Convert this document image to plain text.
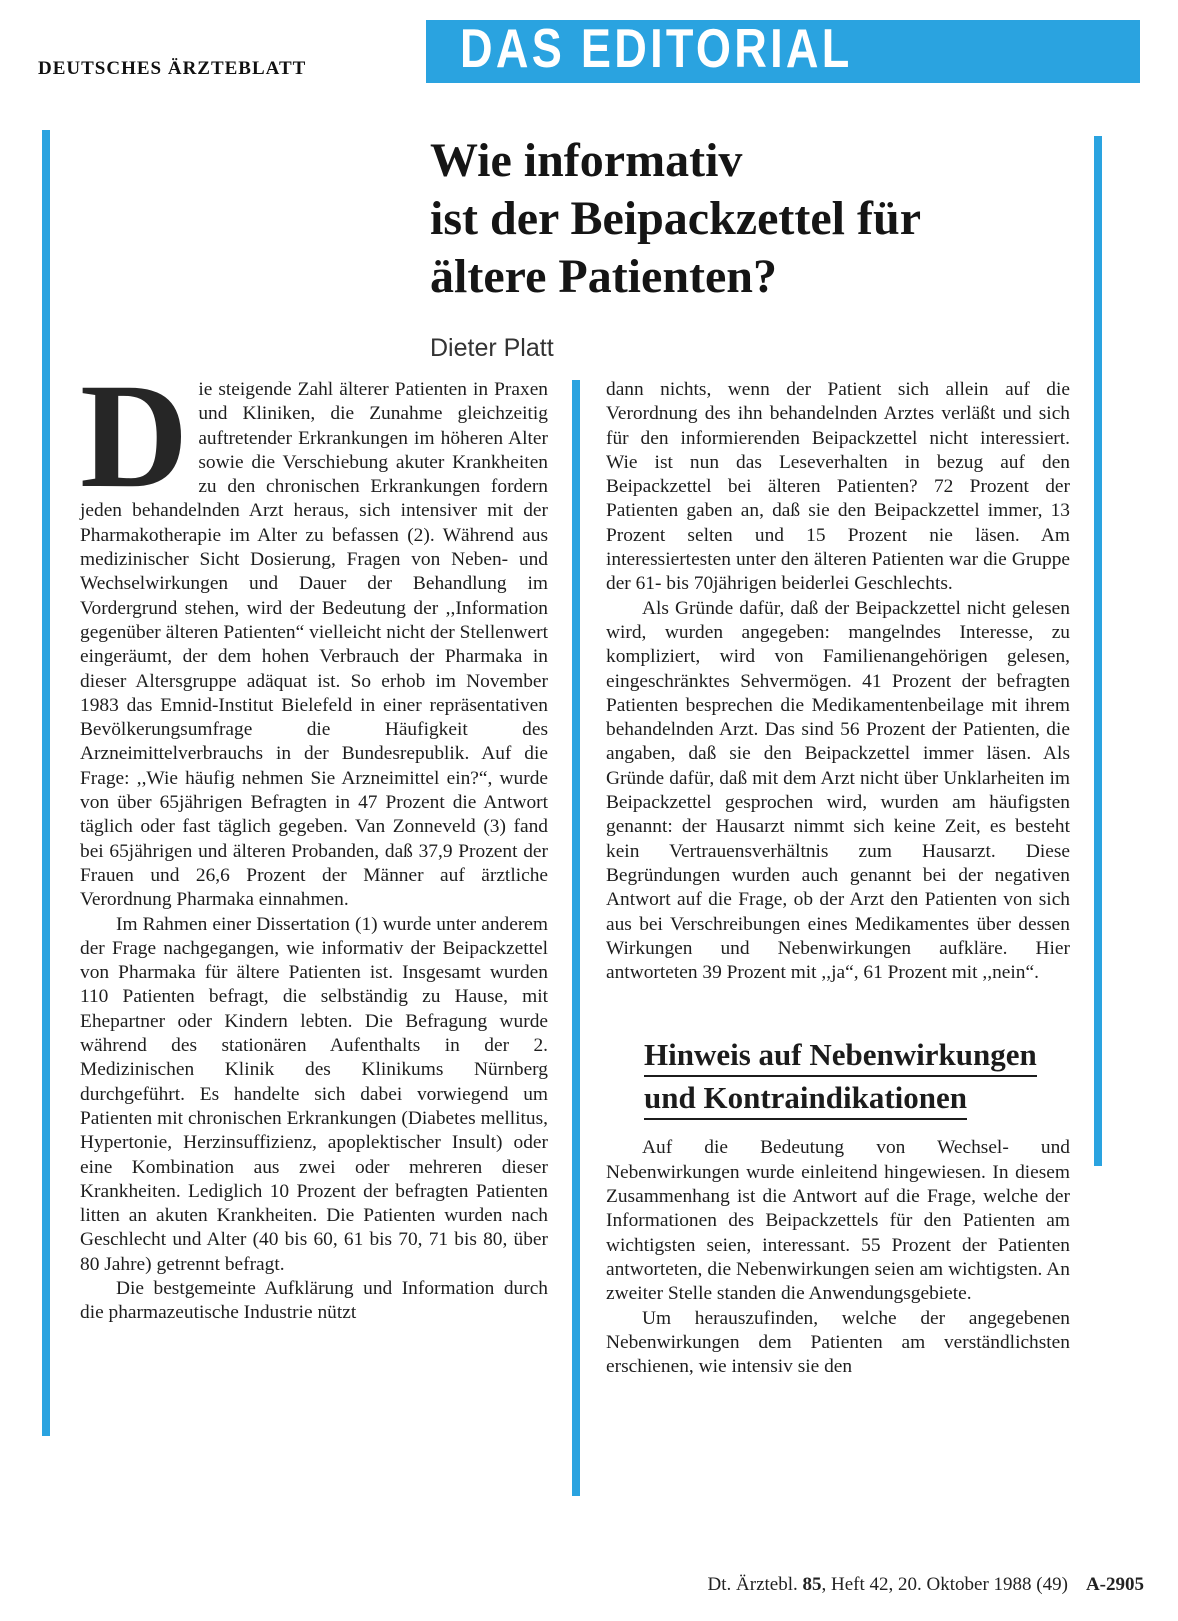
DEUTSCHES ÄRZTEBLATT	DAS EDITORIAL
Wie informativ
ist der Beipackzettel für
ältere Patienten?
Dieter Platt

Die steigende Zahl älterer Patienten in Praxen und Kliniken, die Zunahme gleichzeitig auftretender Erkrankungen im höheren Alter sowie die Verschiebung akuter Krankheiten zu den chronischen Erkrankungen fordern jeden behandelnden Arzt heraus, sich intensiver mit der Pharmakotherapie im Alter zu befassen (2). Während aus medizinischer Sicht Dosierung, Fragen von Neben- und Wechselwirkungen und Dauer der Behandlung im Vordergrund stehen, wird der Bedeutung der ,,Information gegenüber älteren Patienten“ vielleicht nicht der Stellenwert eingeräumt, der dem hohen Verbrauch der Pharmaka in dieser Altersgruppe adäquat ist. So erhob im November 1983 das Emnid-Institut Bielefeld in einer repräsentativen Bevölkerungsumfrage die Häufigkeit des Arzneimittelverbrauchs in der Bundesrepublik. Auf die Frage: ,,Wie häufig nehmen Sie Arzneimittel ein?“, wurde von über 65jährigen Befragten in 47 Prozent die Antwort täglich oder fast täglich gegeben. Van Zonneveld (3) fand bei 65jährigen und älteren Probanden, daß 37,9 Prozent der Frauen und 26,6 Prozent der Männer auf ärztliche Verordnung Pharmaka einnahmen.

Im Rahmen einer Dissertation (1) wurde unter anderem der Frage nachgegangen, wie informativ der Beipackzettel von Pharmaka für ältere Patienten ist. Insgesamt wurden 110 Patienten befragt, die selbständig zu Hause, mit Ehepartner oder Kindern lebten. Die Befragung wurde während des stationären Aufenthalts in der 2. Medizinischen Klinik des Klinikums Nürnberg durchgeführt. Es handelte sich dabei vorwiegend um Patienten mit chronischen Erkrankungen (Diabetes mellitus, Hypertonie, Herzinsuffizienz, apoplektischer Insult) oder eine Kombination aus zwei oder mehreren dieser Krankheiten. Lediglich 10 Prozent der befragten Patienten litten an akuten Krankheiten. Die Patienten wurden nach Geschlecht und Alter (40 bis 60, 61 bis 70, 71 bis 80, über 80 Jahre) getrennt befragt.

Die bestgemeinte Aufklärung und Information durch die pharmazeutische Industrie nützt

dann nichts, wenn der Patient sich allein auf die Verordnung des ihn behandelnden Arztes verläßt und sich für den informierenden Beipackzettel nicht interessiert. Wie ist nun das Leseverhalten in bezug auf den Beipackzettel bei älteren Patienten? 72 Prozent der Patienten gaben an, daß sie den Beipackzettel immer, 13 Prozent selten und 15 Prozent nie läsen. Am interessiertesten unter den älteren Patienten war die Gruppe der 61- bis 70jährigen beiderlei Geschlechts.

Als Gründe dafür, daß der Beipackzettel nicht gelesen wird, wurden angegeben: mangelndes Interesse, zu kompliziert, wird von Familienangehörigen gelesen, eingeschränktes Sehvermögen. 41 Prozent der befragten Patienten besprechen die Medikamentenbeilage mit ihrem behandelnden Arzt. Das sind 56 Prozent der Patienten, die angaben, daß sie den Beipackzettel immer läsen. Als Gründe dafür, daß mit dem Arzt nicht über Unklarheiten im Beipackzettel gesprochen wird, wurden am häufigsten genannt: der Hausarzt nimmt sich keine Zeit, es besteht kein Vertrauensverhältnis zum Hausarzt. Diese Begründungen wurden auch genannt bei der negativen Antwort auf die Frage, ob der Arzt den Patienten von sich aus bei Verschreibungen eines Medikamentes über dessen Wirkungen und Nebenwirkungen aufkläre. Hier antworteten 39 Prozent mit ,,ja“, 61 Prozent mit ,,nein“.

Hinweis auf Nebenwirkungen
und Kontraindikationen

Auf die Bedeutung von Wechsel- und Nebenwirkungen wurde einleitend hingewiesen. In diesem Zusammenhang ist die Antwort auf die Frage, welche der Informationen des Beipackzettels für den Patienten am wichtigsten seien, interessant. 55 Prozent der Patienten antworteten, die Nebenwirkungen seien am wichtigsten. An zweiter Stelle standen die Anwendungsgebiete.

Um herauszufinden, welche der angegebenen Nebenwirkungen dem Patienten am verständlichsten erschienen, wie intensiv sie den

Dt. Ärztebl. 85, Heft 42, 20. Oktober 1988 (49) A-2905
